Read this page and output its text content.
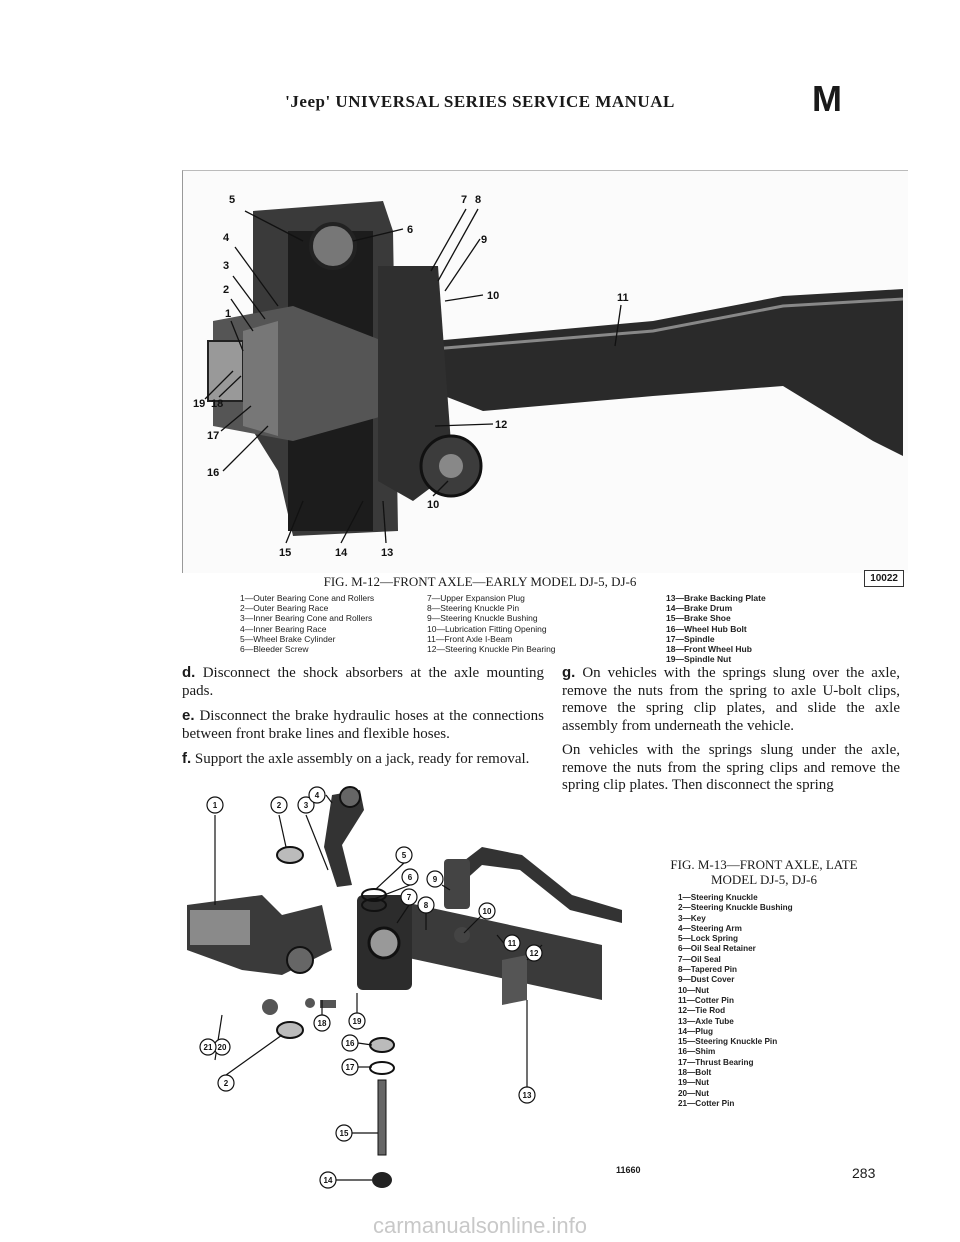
'Jeep' UNIVERSAL SERIES SERVICE MANUAL	M
5
4
3
2
1
6
7 8
9
10	11
12
10
13
14
15
16
17
18
19
10022
FIG. M-12—FRONT AXLE—EARLY MODEL DJ-5, DJ-6
1—Outer Bearing Cone and Rollers
2—Outer Bearing Race
3—Inner Bearing Cone and Rollers
4—Inner Bearing Race
5—Wheel Brake Cylinder
6—Bleeder Screw
7—Upper Expansion Plug
8—Steering Knuckle Pin
9—Steering Knuckle Bushing
10—Lubrication Fitting Opening
11—Front Axle I-Beam
12—Steering Knuckle Pin Bearing
13—Brake Backing Plate
14—Brake Drum
15—Brake Shoe
16—Wheel Hub Bolt
17—Spindle
18—Front Wheel Hub
19—Spindle Nut

d. Disconnect the shock absorbers at the axle mounting pads.

e. Disconnect the brake hydraulic hoses at the connections between front brake lines and flexible hoses.

f. Support the axle assembly on a jack, ready for removal.

g. On vehicles with the springs slung over the axle, remove the nuts from the spring to axle U-bolt clips, remove the spring clip plates, and slide the axle assembly from underneath the vehicle.

On vehicles with the springs slung under the axle, remove the nuts from the spring clips and remove the spring clip plates. Then disconnect the spring

1	2	3
4
5
6
7
8
9
10
11
12
13
14
15
16
17
18	19
20
21
2
11660
FIG. M-13—FRONT AXLE, LATE MODEL DJ-5, DJ-6
1—Steering Knuckle
2—Steering Knuckle Bushing
3—Key
4—Steering Arm
5—Lock Spring
6—Oil Seal Retainer
7—Oil Seal
8—Tapered Pin
9—Dust Cover
10—Nut
11—Cotter Pin
12—Tie Rod
13—Axle Tube
14—Plug
15—Steering Knuckle Pin
16—Shim
17—Thrust Bearing
18—Bolt
19—Nut
20—Nut
21—Cotter Pin
283
carmanualsonline.info
